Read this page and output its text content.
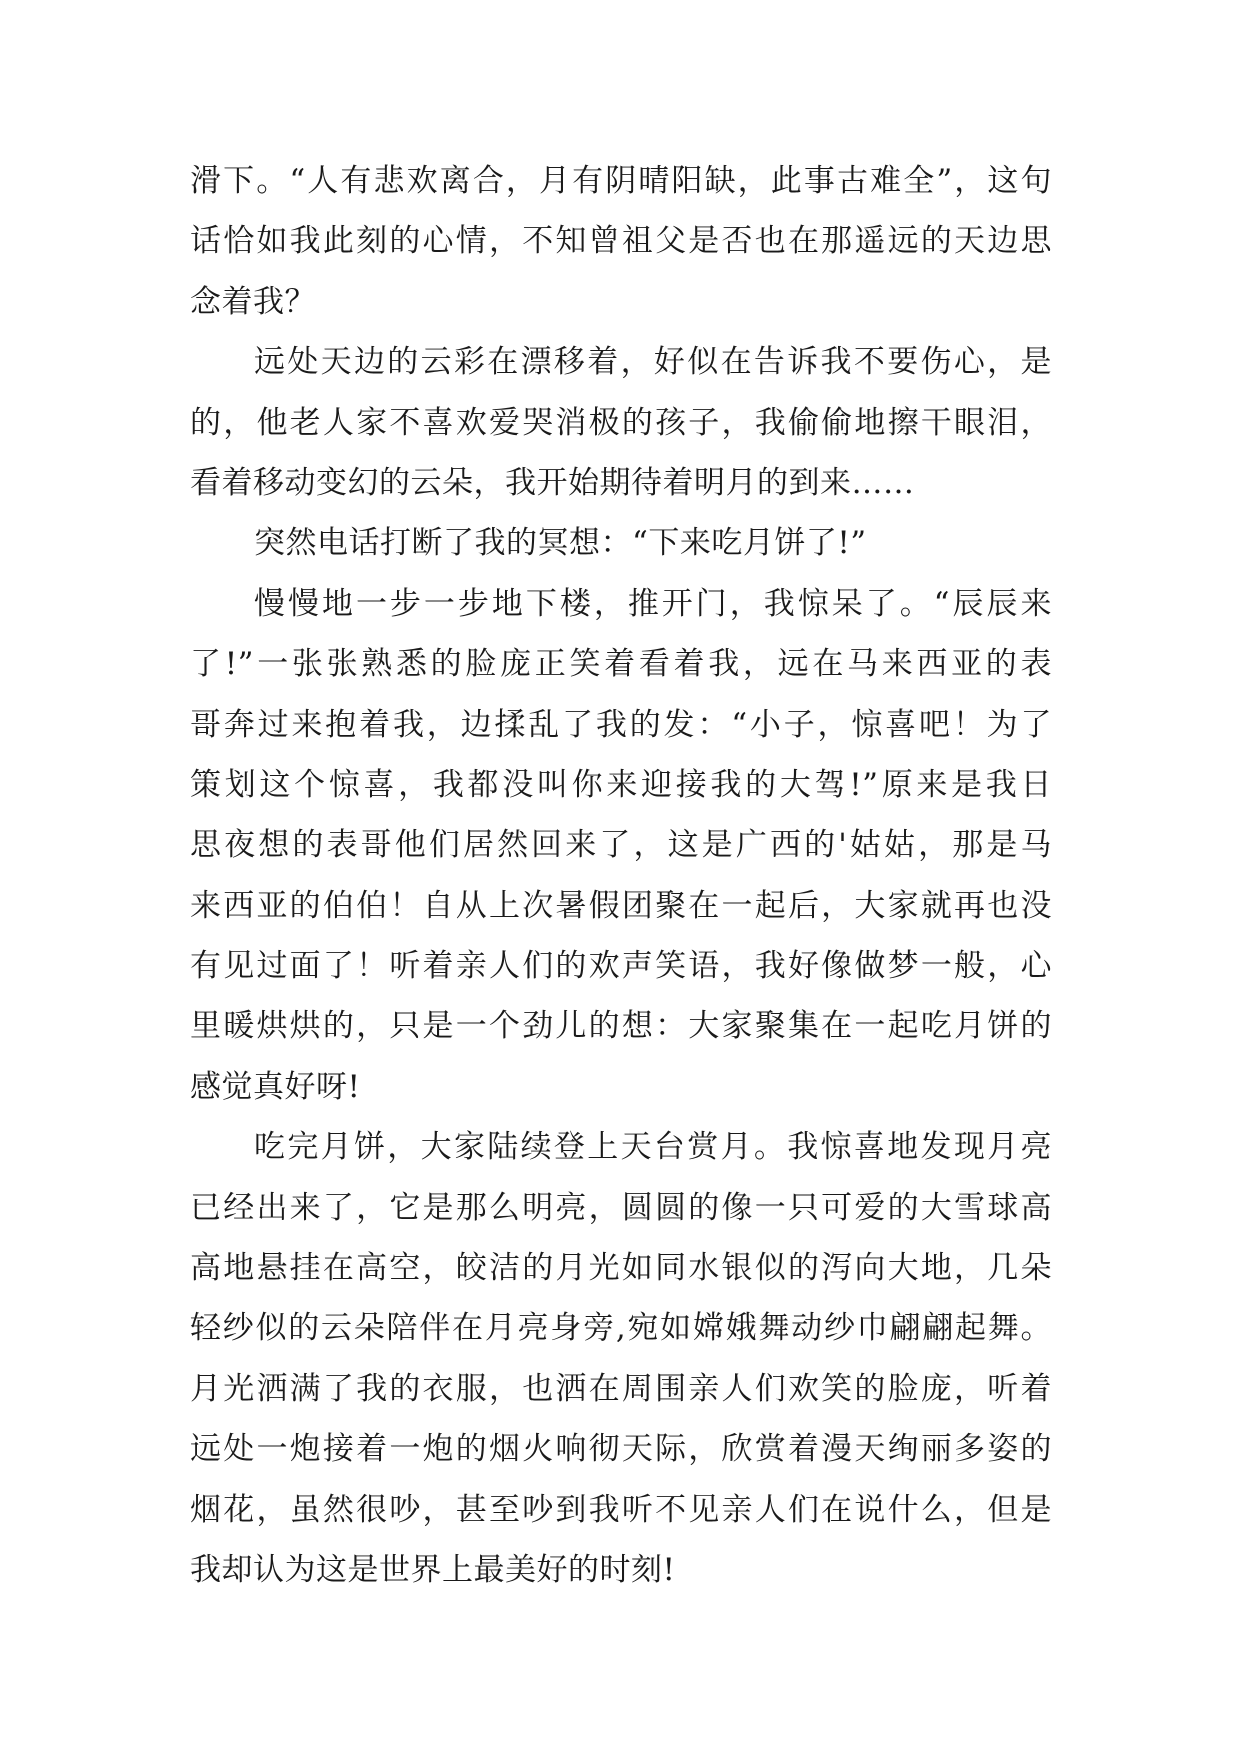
滑下。“人有悲欢离合，月有阴晴阳缺，此事古难全”，这句
话恰如我此刻的心情，不知曾祖父是否也在那遥远的天边思
念着我？
远处天边的云彩在漂移着，好似在告诉我不要伤心，是
的，他老人家不喜欢爱哭消极的孩子，我偷偷地擦干眼泪，
看着移动变幻的云朵，我开始期待着明月的到来……
突然电话打断了我的冥想：“下来吃月饼了!”
慢慢地一步一步地下楼，推开门，我惊呆了。“辰辰来
了!”一张张熟悉的脸庞正笑着看着我，远在马来西亚的表
哥奔过来抱着我，边揉乱了我的发：“小子，惊喜吧！为了
策划这个惊喜，我都没叫你来迎接我的大驾!”原来是我日
思夜想的表哥他们居然回来了，这是广西的'姑姑，那是马
来西亚的伯伯！自从上次暑假团聚在一起后，大家就再也没
有见过面了！听着亲人们的欢声笑语，我好像做梦一般，心
里暖烘烘的，只是一个劲儿的想：大家聚集在一起吃月饼的
感觉真好呀!
吃完月饼，大家陆续登上天台赏月。我惊喜地发现月亮
已经出来了，它是那么明亮，圆圆的像一只可爱的大雪球高
高地悬挂在高空，皎洁的月光如同水银似的泻向大地，几朵
轻纱似的云朵陪伴在月亮身旁,宛如嫦娥舞动纱巾翩翩起舞。
月光洒满了我的衣服，也洒在周围亲人们欢笑的脸庞，听着
远处一炮接着一炮的烟火响彻天际，欣赏着漫天绚丽多姿的
烟花，虽然很吵，甚至吵到我听不见亲人们在说什么，但是
我却认为这是世界上最美好的时刻!
